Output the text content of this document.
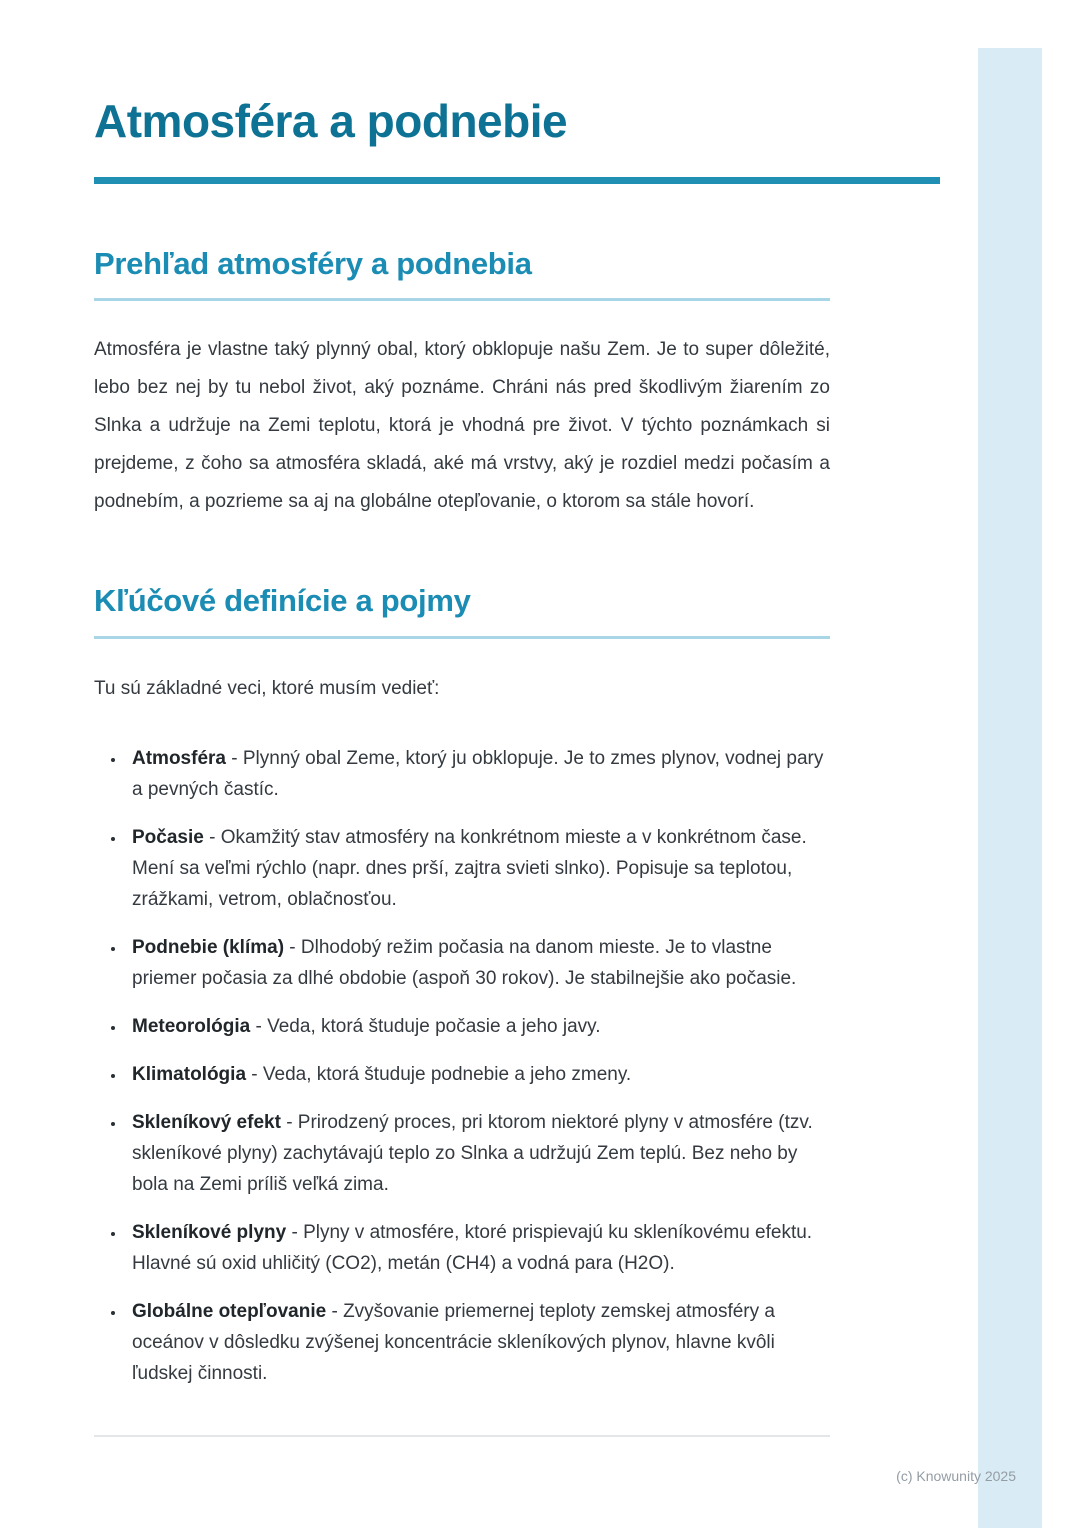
Atmosféra a podnebie
Prehľad atmosféry a podnebia

Atmosféra je vlastne taký plynný obal, ktorý obklopuje našu Zem. Je to super dôležité, lebo bez nej by tu nebol život, aký poznáme. Chráni nás pred škodlivým žiarením zo Slnka a udržuje na Zemi teplotu, ktorá je vhodná pre život. V týchto poznámkach si prejdeme, z čoho sa atmosféra skladá, aké má vrstvy, aký je rozdiel medzi počasím a podnebím, a pozrieme sa aj na globálne otepľovanie, o ktorom sa stále hovorí.

Kľúčové definície a pojmy

Tu sú základné veci, ktoré musím vedieť:

• Atmosféra - Plynný obal Zeme, ktorý ju obklopuje. Je to zmes plynov, vodnej pary a pevných častíc.
• Počasie - Okamžitý stav atmosféry na konkrétnom mieste a v konkrétnom čase. Mení sa veľmi rýchlo (napr. dnes prší, zajtra svieti slnko). Popisuje sa teplotou, zrážkami, vetrom, oblačnosťou.
• Podnebie (klíma) - Dlhodobý režim počasia na danom mieste. Je to vlastne priemer počasia za dlhé obdobie (aspoň 30 rokov). Je stabilnejšie ako počasie.
• Meteorológia - Veda, ktorá študuje počasie a jeho javy.
• Klimatológia - Veda, ktorá študuje podnebie a jeho zmeny.
• Skleníkový efekt - Prirodzený proces, pri ktorom niektoré plyny v atmosfére (tzv. skleníkové plyny) zachytávajú teplo zo Slnka a udržujú Zem teplú. Bez neho by bola na Zemi príliš veľká zima.
• Skleníkové plyny - Plyny v atmosfére, ktoré prispievajú ku skleníkovému efektu. Hlavné sú oxid uhličitý (CO2), metán (CH4) a vodná para (H2O).
• Globálne otepľovanie - Zvyšovanie priemernej teploty zemskej atmosféry a oceánov v dôsledku zvýšenej koncentrácie skleníkových plynov, hlavne kvôli ľudskej činnosti.
(c) Knowunity 2025
